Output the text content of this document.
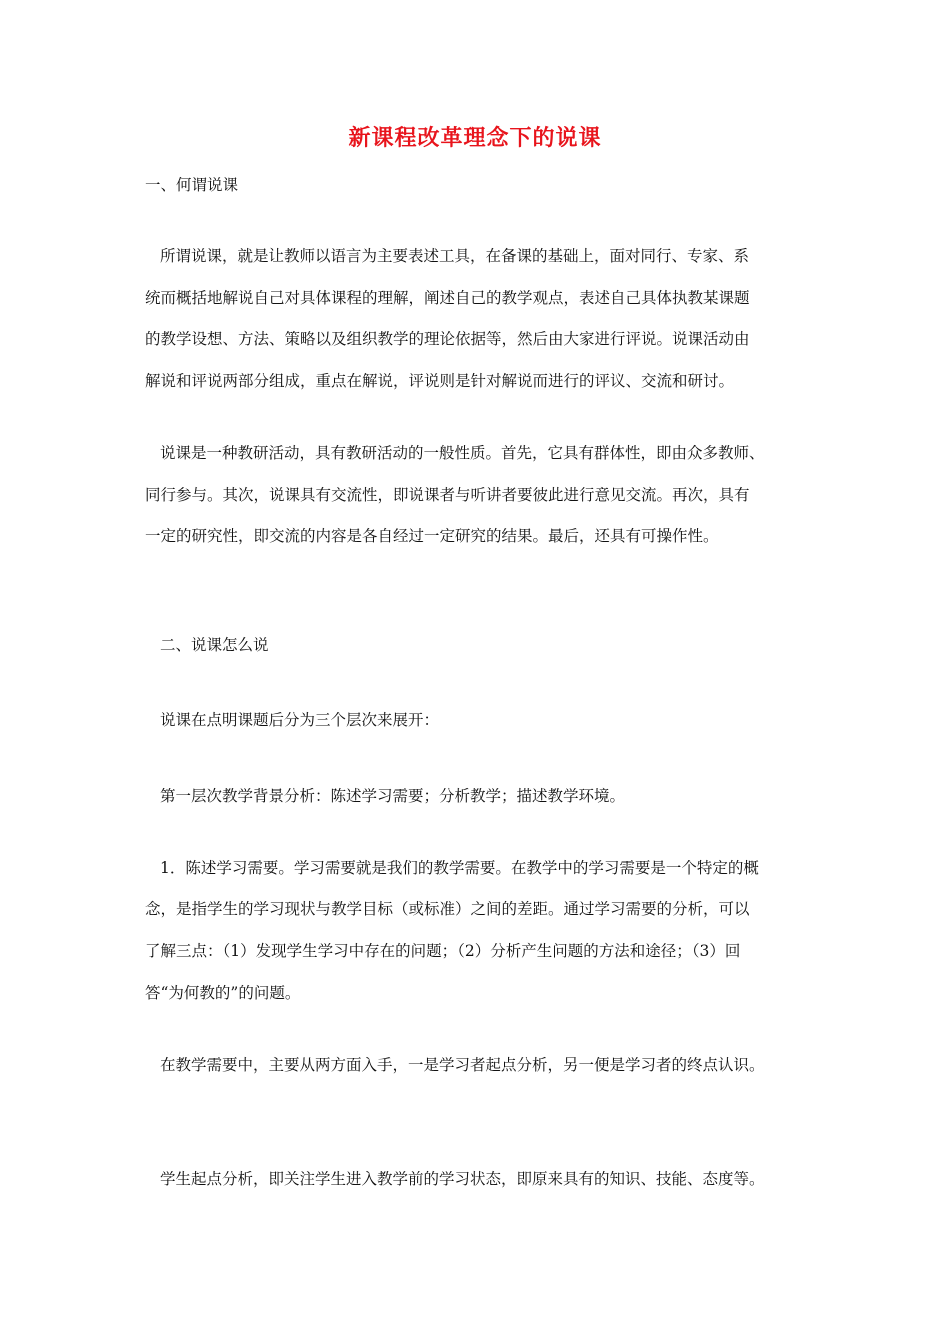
新课程改革理念下的说课

一、何谓说课

所谓说课，就是让教师以语言为主要表述工具，在备课的基础上，面对同行、专家、系

统而概括地解说自己对具体课程的理解，阐述自己的教学观点，表述自己具体执教某课题

的教学设想、方法、策略以及组织教学的理论依据等，然后由大家进行评说。说课活动由

解说和评说两部分组成，重点在解说，评说则是针对解说而进行的评议、交流和研讨。

说课是一种教研活动，具有教研活动的一般性质。首先，它具有群体性，即由众多教师、

同行参与。其次，说课具有交流性，即说课者与听讲者要彼此进行意见交流。再次，具有

一定的研究性，即交流的内容是各自经过一定研究的结果。最后，还具有可操作性。

二、说课怎么说

说课在点明课题后分为三个层次来展开：

第一层次教学背景分析：陈述学习需要；分析教学；描述教学环境。

1．陈述学习需要。学习需要就是我们的教学需要。在教学中的学习需要是一个特定的概

念，是指学生的学习现状与教学目标（或标准）之间的差距。通过学习需要的分析，可以

了解三点：（1）发现学生学习中存在的问题；（2）分析产生问题的方法和途径；（3）回

答“为何教的”的问题。

在教学需要中，主要从两方面入手，一是学习者起点分析，另一便是学习者的终点认识。

学生起点分析，即关注学生进入教学前的学习状态，即原来具有的知识、技能、态度等。
